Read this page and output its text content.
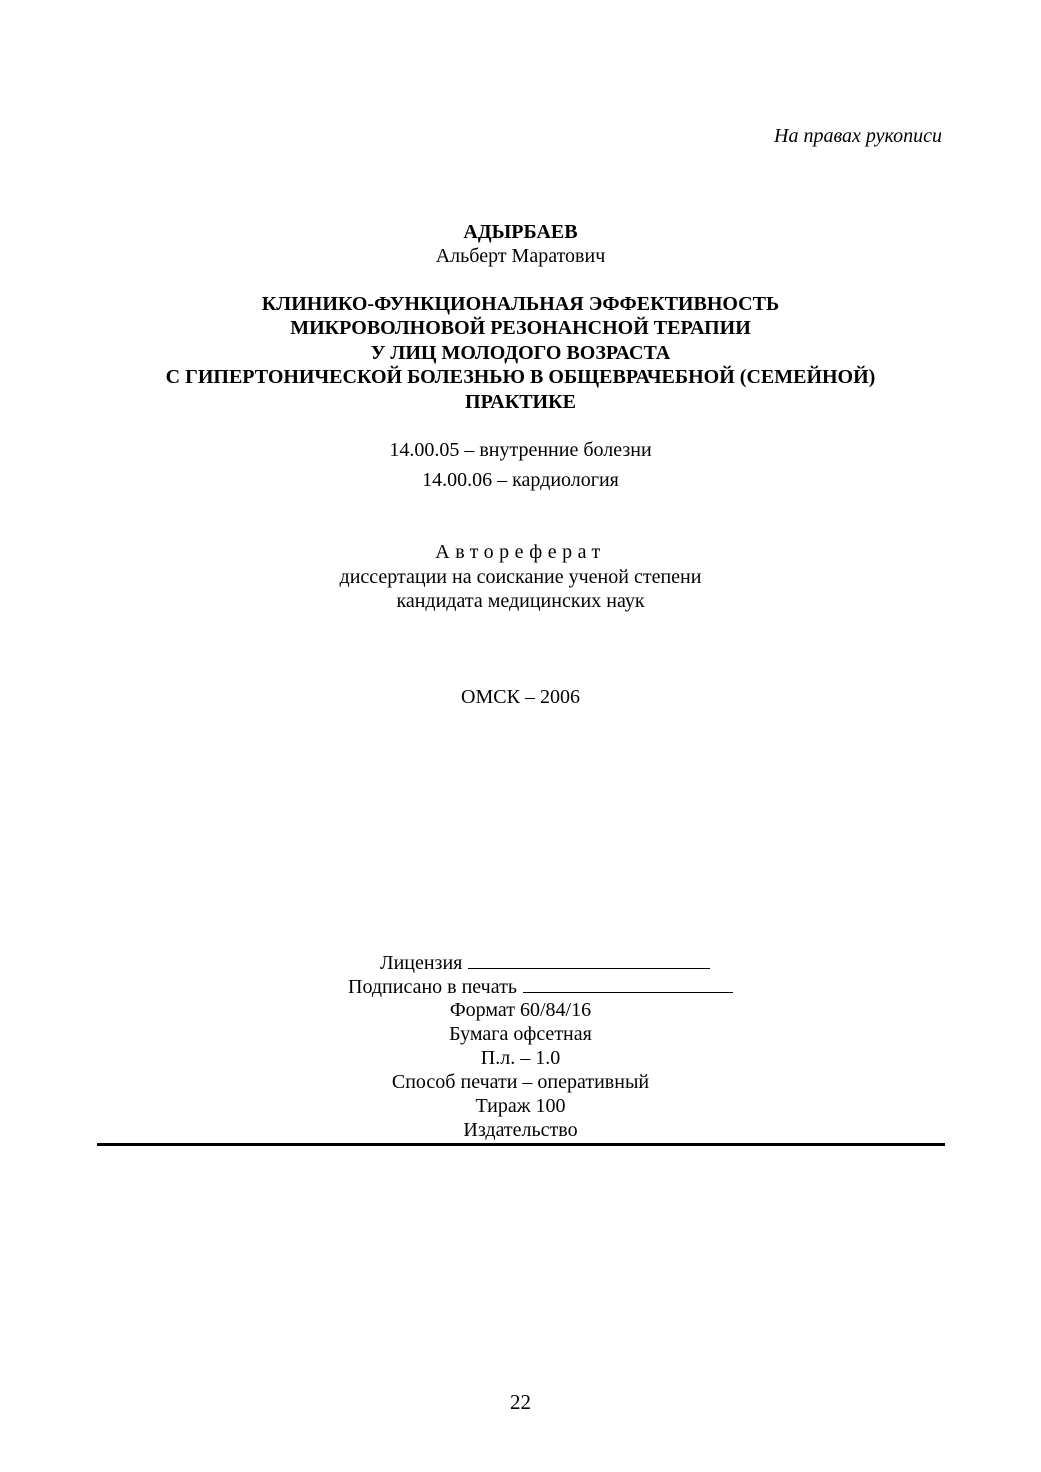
На правах рукописи
АДЫРБАЕВ
Альберт Маратович
КЛИНИКО-ФУНКЦИОНАЛЬНАЯ ЭФФЕКТИВНОСТЬ
МИКРОВОЛНОВОЙ РЕЗОНАНСНОЙ ТЕРАПИИ
У ЛИЦ МОЛОДОГО ВОЗРАСТА
С ГИПЕРТОНИЧЕСКОЙ БОЛЕЗНЬЮ В ОБЩЕВРАЧЕБНОЙ (СЕМЕЙНОЙ)
ПРАКТИКЕ
14.00.05 – внутренние болезни
14.00.06 – кардиология
Автореферат
диссертации на соискание ученой степени
кандидата медицинских наук
ОМСК – 2006
Лицензия
Подписано в печать
Формат 60/84/16
Бумага офсетная
П.л. – 1.0
Способ печати – оперативный
Тираж 100
Издательство
22
